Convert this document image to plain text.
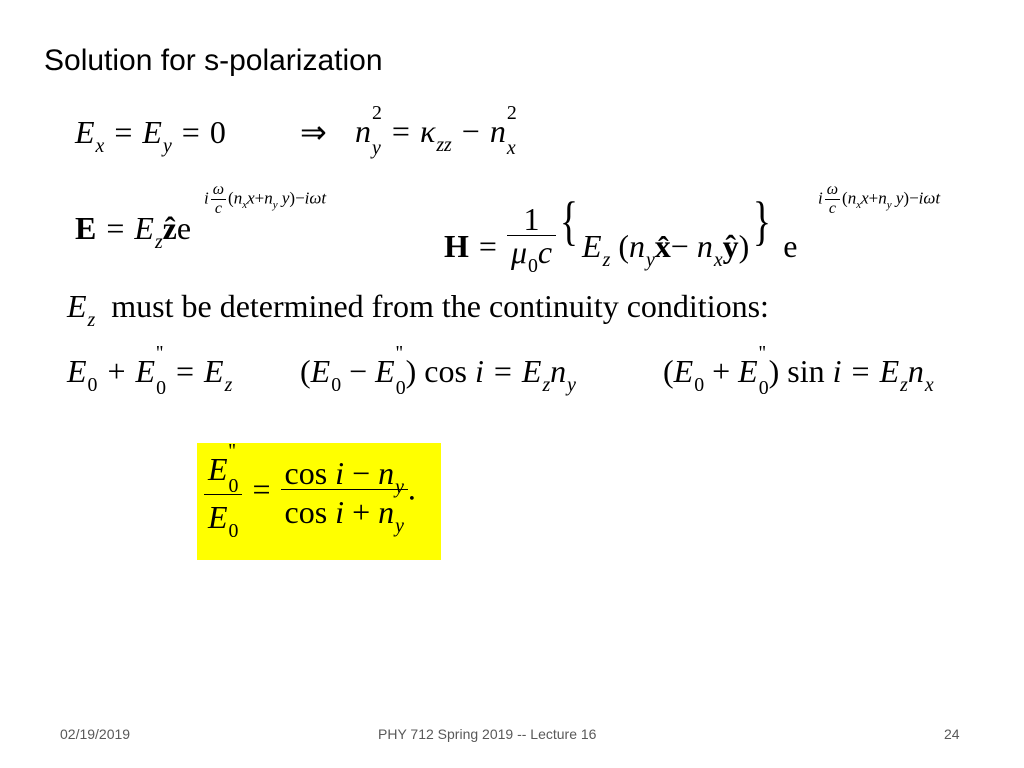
Solution for s-polarization
$E_x = E_y = 0$ ⇒ n
2
$y = \kappa_{zz} - n$
2
x
$E = E_zẑe$
i $\frac{\omega}{c} (n_xx+n_y$ y)−iωt
$H = \frac{1}{\mu_0c}$ { $E_z$ ($n_yx̂-$ $n_xŷ$)} e
i $\frac{\omega}{c} (n_xx+n_y$ y)−iωt
$E_z$ must be determined from the continuity conditions:
$E_0 + E$
''
$0 = E_z$ ($E_0 - E$
''
0 ) $\cos i = E_zn_y$	($E_0 + E$
''
0 ) $\sin i = E_zn_x$
E
''
0
$E_0 = \frac{\cos i - n_y}{\cos i + n_y}$ .
02/19/2019	PHY 712 Spring 2019 -- Lecture 16	24
